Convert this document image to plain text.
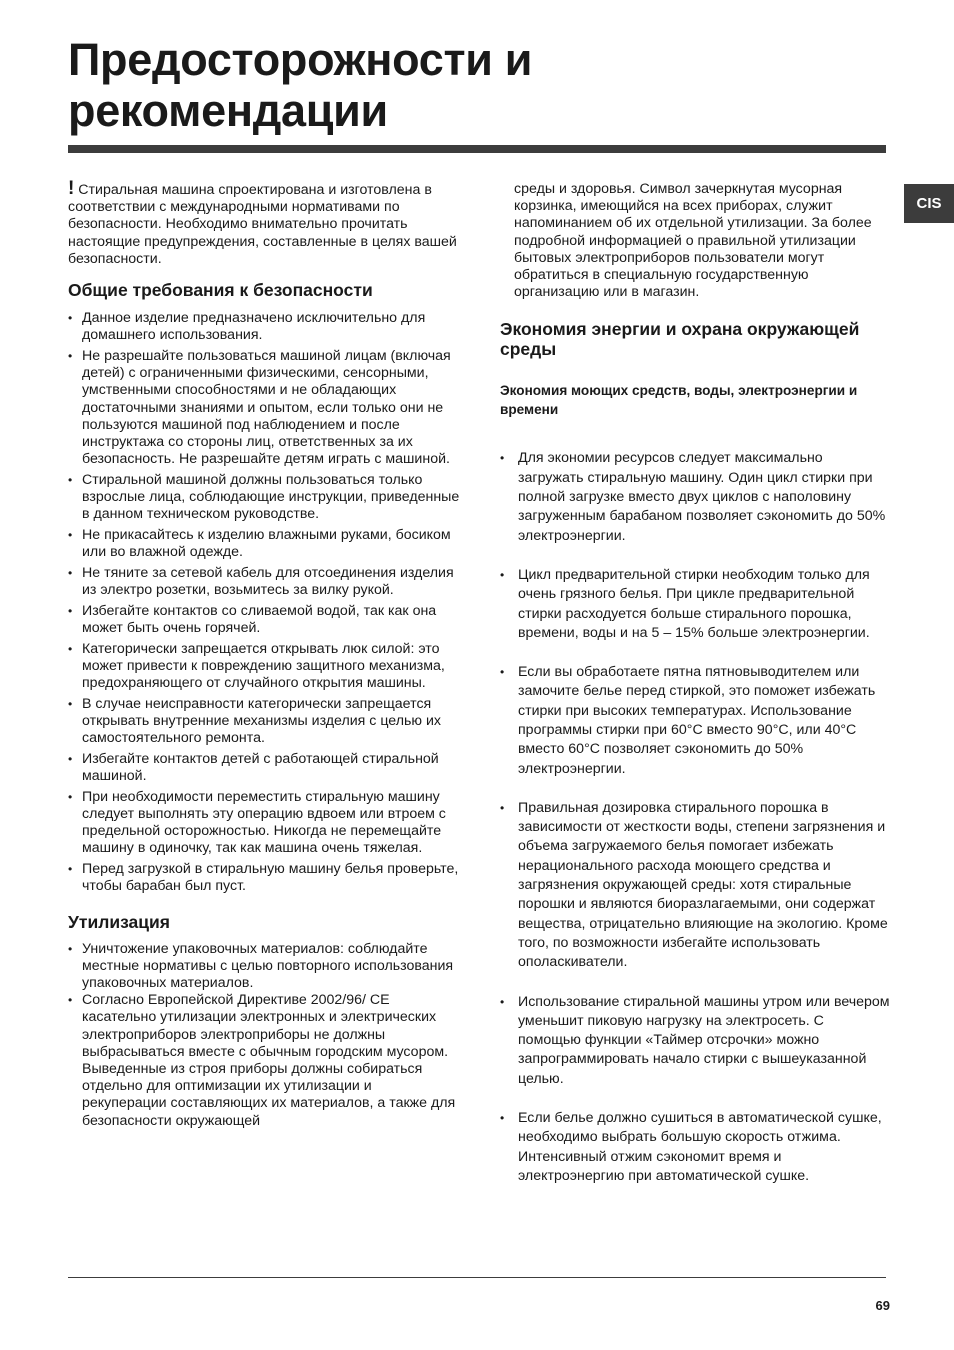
Предосторожности и
рекомендации
CIS

! Стиральная машина спроектирована и изготовлена в соответствии с международными нормативами по безопасности. Необходимо внимательно прочитать настоящие предупреждения, составленные в целях вашей безопасности.

Общие требования к безопасности
• Данное изделие предназначено исключительно для домашнего использования.
• Не разрешайте пользоваться машиной лицам (включая детей) с ограниченными физическими, сенсорными, умственными способностями и не обладающих достаточными знаниями и опытом, если только они не пользуются машиной под наблюдением и после инструктажа со стороны лиц, ответственных за их безопасность. Не разрешайте детям играть с машиной.
• Стиральной машиной должны пользоваться только взрослые лица, соблюдающие инструкции, приведенные в данном техническом руководстве.
• Не прикасайтесь к изделию влажными руками, босиком или во влажной одежде.
• Не тяните за сетевой кабель для отсоединения изделия из электро розетки, возьмитесь за вилку рукой.
• Избегайте контактов со сливаемой водой, так как она может быть очень горячей.
• Категорически запрещается открывать люк силой: это может привести к повреждению защитного механизма, предохраняющего от случайного открытия машины.
• В случае неисправности категорически запрещается открывать внутренние механизмы изделия с целью их самостоятельного ремонта.
• Избегайте контактов детей с работающей стиральной машиной.
• При необходимости переместить стиральную машину следует выполнять эту операцию вдвоем или втроем с предельной осторожностью. Никогда не перемещайте машину в одиночку, так как машина очень тяжелая.
• Перед загрузкой в стиральную машину белья проверьте, чтобы барабан был пуст.
Утилизация
• Уничтожение упаковочных материалов: соблюдайте местные нормативы с целью повторного использования упаковочных материалов.
• Согласно Европейской Директиве 2002/96/ CE касательно утилизации электронных и электрических электроприборов электроприборы не должны выбрасываться вместе с обычным городским мусором. Выведенные из строя приборы должны собираться отдельно для оптимизации их утилизации и рекуперации составляющих их материалов, а также для безопасности окружающей

среды и здоровья. Символ зачеркнутая мусорная корзинка, имеющийся на всех приборах, служит напоминанием об их отдельной утилизации. За более подробной информацией о правильной утилизации бытовых электроприборов пользователи могут обратиться в специальную государственную организацию или в магазин.

Экономия энергии и охрана окружающей среды
Экономия моющих средств, воды, электроэнергии и времени
• Для экономии ресурсов следует максимально загружать стиральную машину. Один цикл стирки при полной загрузке вместо двух циклов с наполовину загруженным барабаном позволяет сэкономить до 50% электроэнергии.
• Цикл предварительной стирки необходим только для очень грязного белья. При цикле предварительной стирки расходуется больше стирального порошка, времени, воды и на 5 – 15% больше электроэнергии.
• Если вы обработаете пятна пятновыводителем или замочите белье перед стиркой, это поможет избежать стирки при высоких температурах. Использование программы стирки при 60°C вместо 90°C, или 40°C вместо 60°C позволяет сэкономить до 50% электроэнергии.
• Правильная дозировка стирального порошка в зависимости от жесткости воды, степени загрязнения и объема загружаемого белья помогает избежать нерационального расхода моющего средства и загрязнения окружающей среды: хотя стиральные порошки и являются биоразлагаемыми, они содержат вещества, отрицательно влияющие на экологию. Кроме того, по возможности избегайте использовать ополаскиватели.
• Использование стиральной машины утром или вечером уменьшит пиковую нагрузку на электросеть. С помощью функции «Таймер отсрочки» можно запрограммировать начало стирки с вышеуказанной целью.
• Если белье должно сушиться в автоматической сушке, необходимо выбрать большую скорость отжима. Интенсивный отжим сэкономит время и электроэнергию при автоматической сушке.
69
